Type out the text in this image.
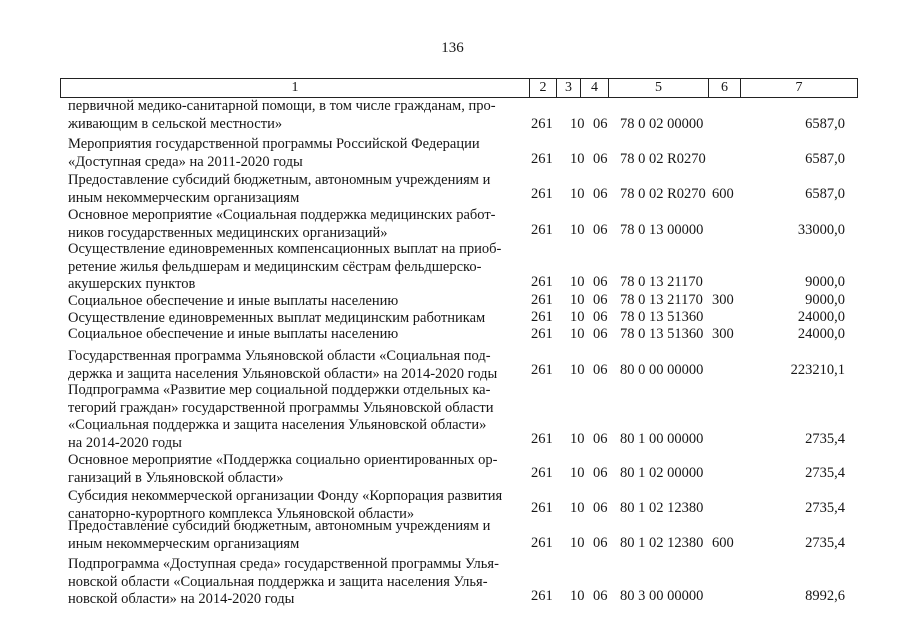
136
1	2	3	4	5	6	7
первичной медико-санитарной помощи, в том числе гражданам, про-
живающим в сельской местности»	261 10 06 78 0 02 00000	6587,0
Мероприятия государственной программы Российской Федерации
«Доступная среда» на 2011-2020 годы	261 10 06 78 0 02 R0270	6587,0
Предоставление субсидий бюджетным, автономным учреждениям и
иным некоммерческим организациям	261 10 06 78 0 02 R0270 600	6587,0
Основное мероприятие «Социальная поддержка медицинских работ-
ников государственных медицинских организаций»	261 10 06 78 0 13 00000	33000,0
Осуществление единовременных компенсационных выплат на приоб-
ретение жилья фельдшерам и медицинским сёстрам фельдшерско-
акушерских пунктов	261 10 06 78 0 13 21170	9000,0
Социальное обеспечение и иные выплаты населению	261 10 06 78 0 13 21170 300	9000,0
Осуществление единовременных выплат медицинским работникам	261 10 06 78 0 13 51360	24000,0
Социальное обеспечение и иные выплаты населению	261 10 06 78 0 13 51360 300	24000,0
Государственная программа Ульяновской области «Социальная под-
держка и защита населения Ульяновской области» на 2014-2020 годы	261 10 06 80 0 00 00000	223210,1
Подпрограмма «Развитие мер социальной поддержки отдельных ка-
тегорий граждан» государственной программы Ульяновской области
«Социальная поддержка и защита населения Ульяновской области»
на 2014-2020 годы	261 10 06 80 1 00 00000	2735,4
Основное мероприятие «Поддержка социально ориентированных ор-
ганизаций в Ульяновской области»	261 10 06 80 1 02 00000	2735,4
Субсидия некоммерческой организации Фонду «Корпорация развития
санаторно-курортного комплекса Ульяновской области»	261 10 06 80 1 02 12380	2735,4
Предоставление субсидий бюджетным, автономным учреждениям и
иным некоммерческим организациям	261 10 06 80 1 02 12380 600	2735,4
Подпрограмма «Доступная среда» государственной программы Улья-
новской области «Социальная поддержка и защита населения Улья-
новской области» на 2014-2020 годы	261 10 06 80 3 00 00000	8992,6
